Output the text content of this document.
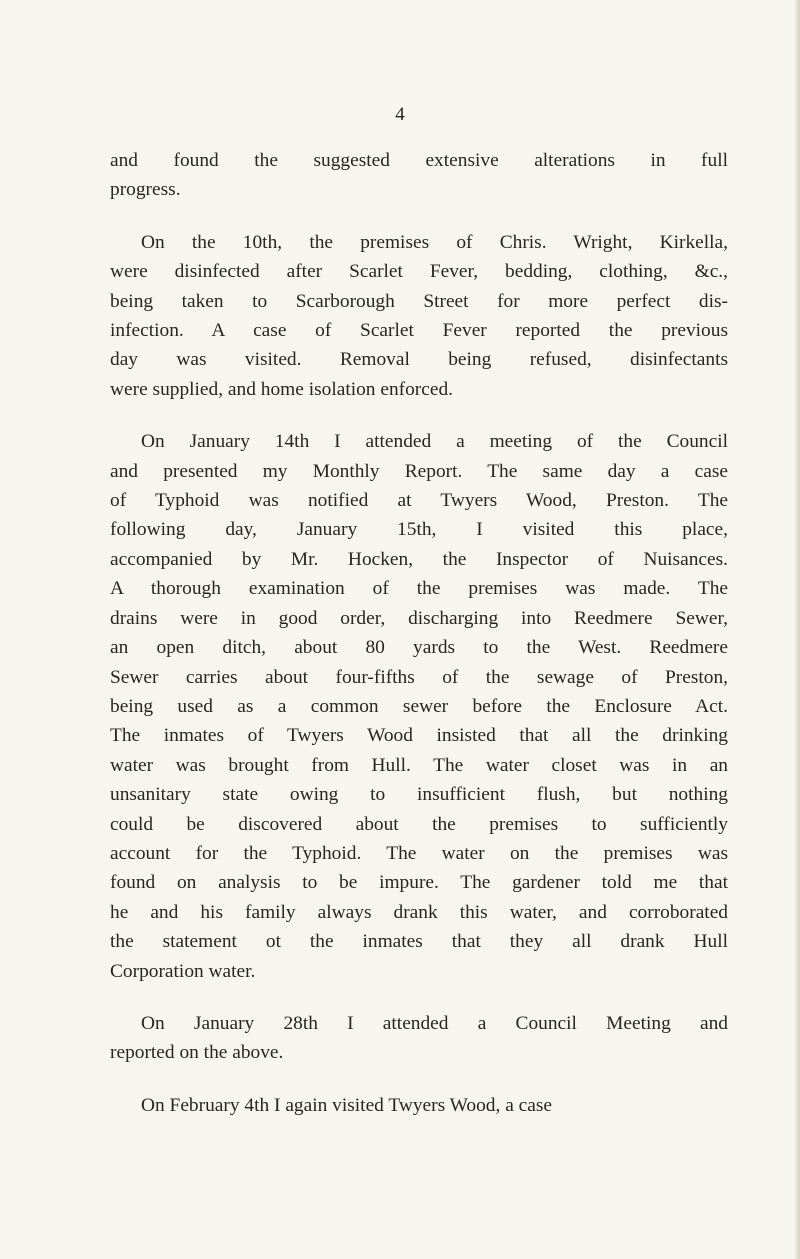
4
and found the suggested extensive alterations in full
progress.
On the 10th, the premises of Chris. Wright, Kirkella,
were disinfected after Scarlet Fever, bedding, clothing, &c.,
being taken to Scarborough Street for more perfect dis-
infection. A case of Scarlet Fever reported the previous
day was visited. Removal being refused, disinfectants
were supplied, and home isolation enforced.
On January 14th I attended a meeting of the Council
and presented my Monthly Report. The same day a case
of Typhoid was notified at Twyers Wood, Preston. The
following day, January 15th, I visited this place,
accompanied by Mr. Hocken, the Inspector of Nuisances.
A thorough examination of the premises was made. The
drains were in good order, discharging into Reedmere Sewer,
an open ditch, about 80 yards to the West. Reedmere
Sewer carries about four-fifths of the sewage of Preston,
being used as a common sewer before the Enclosure Act.
The inmates of Twyers Wood insisted that all the drinking
water was brought from Hull. The water closet was in an
unsanitary state owing to insufficient flush, but nothing
could be discovered about the premises to sufficiently
account for the Typhoid. The water on the premises was
found on analysis to be impure. The gardener told me that
he and his family always drank this water, and corroborated
the statement ot the inmates that they all drank Hull
Corporation water.
On January 28th I attended a Council Meeting and
reported on the above.
On February 4th I again visited Twyers Wood, a case
